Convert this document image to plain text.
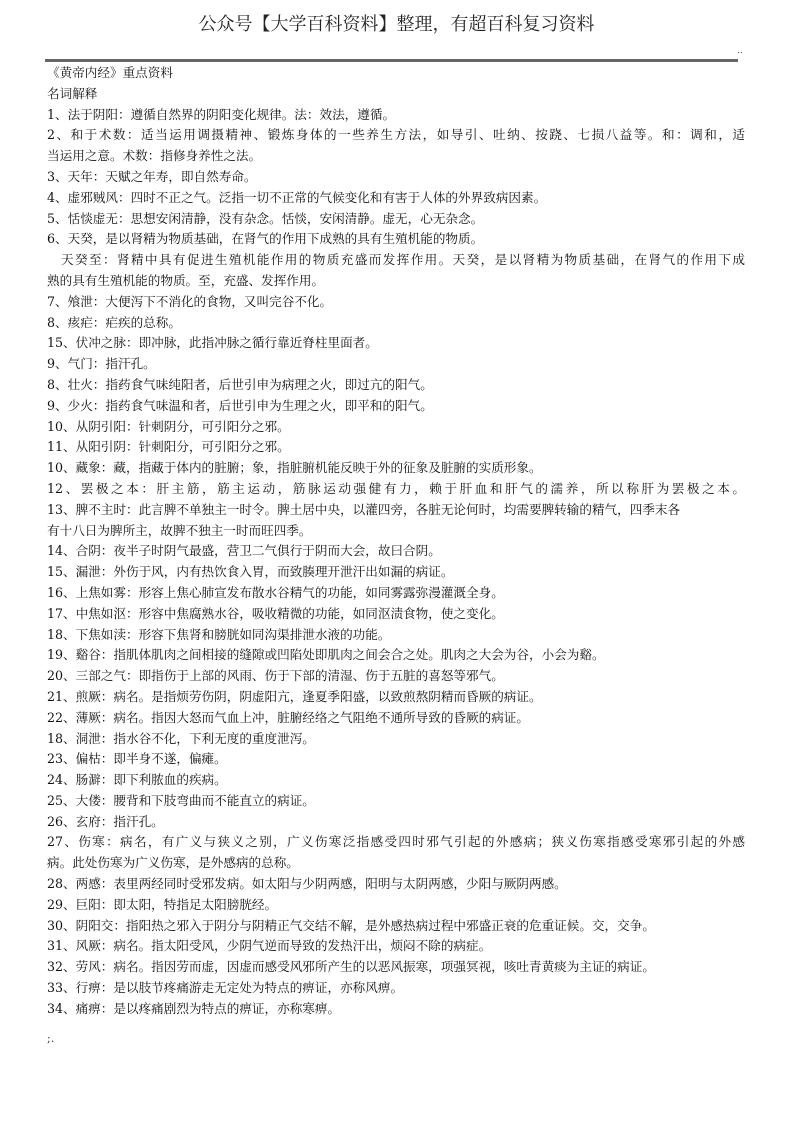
公众号【大学百科资料】整理，有超百科复习资料
..
《黄帝内经》重点资料
名词解释
1、法于阴阳：遵循自然界的阴阳变化规律。法：效法，遵循。
2、和于术数：适当运用调摄精神、锻炼身体的一些养生方法，如导引、吐纳、按跷、七损八益等。和：调和，适
当运用之意。术数：指修身养性之法。
3、天年：天赋之年寿，即自然寿命。
4、虚邪贼风：四时不正之气。泛指一切不正常的气候变化和有害于人体的外界致病因素。
5、恬惔虚无：思想安闲清静，没有杂念。恬惔，安闲清静。虚无，心无杂念。
6、天癸，是以肾精为物质基础，在肾气的作用下成熟的具有生殖机能的物质。
天癸至：肾精中具有促进生殖机能作用的物质充盛而发挥作用。天癸，是以肾精为物质基础，在肾气的作用下成
熟的具有生殖机能的物质。至，充盛、发挥作用。
7、飧泄：大便泻下不消化的食物，又叫完谷不化。
8、痎疟：疟疾的总称。
15、伏冲之脉：即冲脉，此指冲脉之循行靠近脊柱里面者。
9、气门：指汗孔。
8、壮火：指药食气味纯阳者，后世引申为病理之火，即过亢的阳气。
9、少火：指药食气味温和者，后世引申为生理之火，即平和的阳气。
10、从阴引阳：针刺阴分，可引阳分之邪。
11、从阳引阴：针刺阳分，可引阳分之邪。
10、藏象：藏，指藏于体内的脏腑；象，指脏腑机能反映于外的征象及脏腑的实质形象。
12、罢极之本：肝主筋，筋主运动，筋脉运动强健有力，赖于肝血和肝气的濡养，所以称肝为罢极之本。
13、脾不主时：此言脾不单独主一时令。脾土居中央，以灌四旁，各脏无论何时，均需要脾转输的精气，四季末各
有十八日为脾所主，故脾不独主一时而旺四季。
14、合阴：夜半子时阴气最盛，营卫二气俱行于阴而大会，故曰合阴。
15、漏泄：外伤于风，内有热饮食入胃，而致腠理开泄汗出如漏的病证。
16、上焦如雾：形容上焦心肺宣发布散水谷精气的功能，如同雾露弥漫灌溉全身。
17、中焦如沤：形容中焦腐熟水谷，吸收精微的功能，如同沤渍食物，使之变化。
18、下焦如渎：形容下焦肾和膀胱如同沟渠排泄水液的功能。
19、谿谷：指肌体肌肉之间相接的缝隙或凹陷处即肌肉之间会合之处。肌肉之大会为谷，小会为谿。
20、三部之气：即指伤于上部的风雨、伤于下部的清湿、伤于五脏的喜怒等邪气。
21、煎厥：病名。是指烦劳伤阴，阴虚阳亢，逢夏季阳盛，以致煎熬阴精而昏厥的病证。
22、薄厥：病名。指因大怒而气血上冲，脏腑经络之气阻绝不通所导致的昏厥的病证。
18、洞泄：指水谷不化，下利无度的重度泄泻。
23、偏枯：即半身不遂，偏瘫。
24、肠澼：即下利脓血的疾病。
25、大偻：腰背和下肢弯曲而不能直立的病证。
26、玄府：指汗孔。
27、伤寒：病名，有广义与狭义之别，广义伤寒泛指感受四时邪气引起的外感病；狭义伤寒指感受寒邪引起的外感
病。此处伤寒为广义伤寒，是外感病的总称。
28、两感：表里两经同时受邪发病。如太阳与少阴两感，阳明与太阴两感，少阳与厥阴两感。
29、巨阳：即太阳，特指足太阳膀胱经。
30、阴阳交：指阳热之邪入于阴分与阴精正气交结不解，是外感热病过程中邪盛正衰的危重证候。交，交争。
31、风厥：病名。指太阳受风，少阴气逆而导致的发热汗出，烦闷不除的病症。
32、劳风：病名。指因劳而虚，因虚而感受风邪所产生的以恶风振寒，项强冥视，咳吐青黄痰为主证的病证。
33、行痹：是以肢节疼痛游走无定处为特点的痹证，亦称风痹。
34、痛痹：是以疼痛剧烈为特点的痹证，亦称寒痹。
;.
